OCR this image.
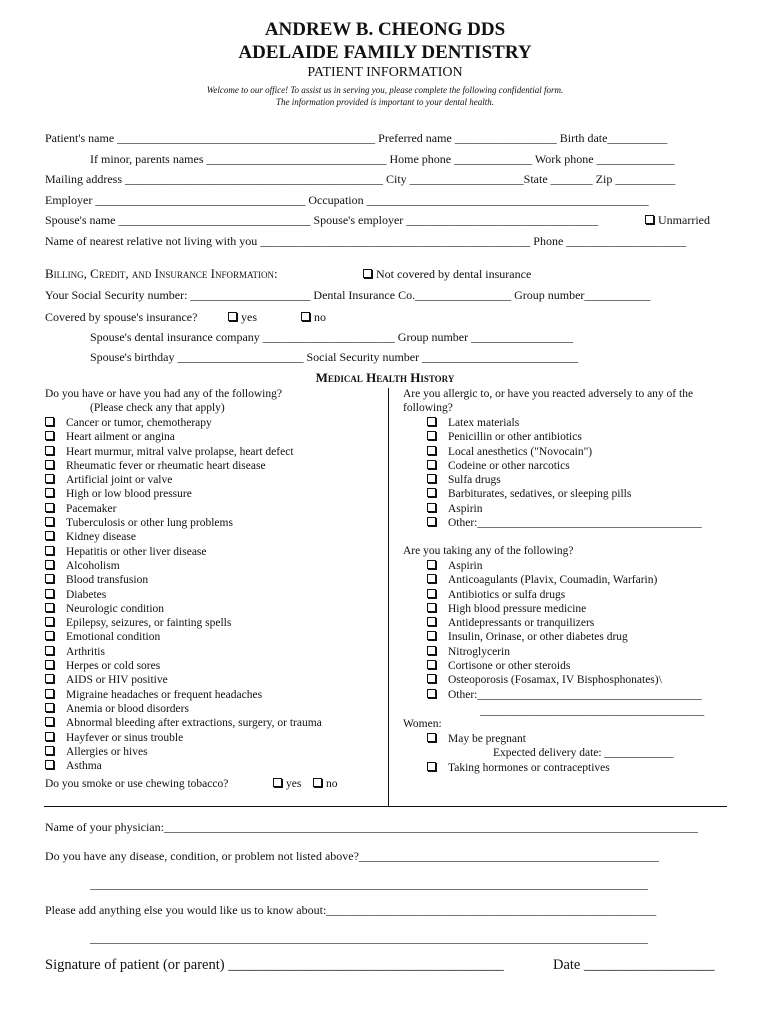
ANDREW B. CHEONG DDS
ADELAIDE FAMILY DENTISTRY
PATIENT INFORMATION
Welcome to our office! To assist us in serving you, please complete the following confidential form.
The information provided is important to your dental health.
Patient's name ___________________________________________ Preferred name _________________ Birth date__________
If minor, parents names ______________________________ Home phone _____________ Work phone _____________
Mailing address ___________________________________________ City ___________________State _______ Zip __________
Employer ___________________________________ Occupation _______________________________________________
Spouse's name ________________________________ Spouse's employer ________________________________	Unmarried
Name of nearest relative not living with you _____________________________________________ Phone ____________________
Billing, Credit, and Insurance Information:	Not covered by dental insurance
Your Social Security number: ____________________ Dental Insurance Co.________________ Group number___________
Covered by spouse's insurance?	yes	no
Spouse's dental insurance company ______________________ Group number _________________
Spouse's birthday _____________________ Social Security number __________________________
Medical Health History
Do you have or have you had any of the following?
(Please check any that apply)
Cancer or tumor, chemotherapy
Heart ailment or angina
Heart murmur, mitral valve prolapse, heart defect
Rheumatic fever or rheumatic heart disease
Artificial joint or valve
High or low blood pressure
Pacemaker
Tuberculosis or other lung problems
Kidney disease
Hepatitis or other liver disease
Alcoholism
Blood transfusion
Diabetes
Neurologic condition
Epilepsy, seizures, or fainting spells
Emotional condition
Arthritis
Herpes or cold sores
AIDS or HIV positive
Migraine headaches or frequent headaches
Anemia or blood disorders
Abnormal bleeding after extractions, surgery, or trauma
Hayfever or sinus trouble
Allergies or hives
Asthma
Do you smoke or use chewing tobacco?	yes	no
Are you allergic to, or have you reacted adversely to any of the
following?
Latex materials
Penicillin or other antibiotics
Local anesthetics ("Novocain")
Codeine or other narcotics
Sulfa drugs
Barbiturates, sedatives, or sleeping pills
Aspirin
Other:_______________________________________
Are you taking any of the following?
Aspirin
Anticoagulants (Plavix, Coumadin, Warfarin)
Antibiotics or sulfa drugs
High blood pressure medicine
Antidepressants or tranquilizers
Insulin, Orinase, or other diabetes drug
Nitroglycerin
Cortisone or other steroids
Osteoporosis (Fosamax, IV Bisphosphonates)\
Other:_______________________________________
_______________________________________
Women:
May be pregnant
Expected delivery date: ____________
Taking hormones or contraceptives
Name of your physician:_________________________________________________________________________________________
Do you have any disease, condition, or problem not listed above?__________________________________________________
_____________________________________________________________________________________________
Please add anything else you would like us to know about:_______________________________________________________
_____________________________________________________________________________________________
Signature of patient (or parent) ______________________________________	Date __________________
